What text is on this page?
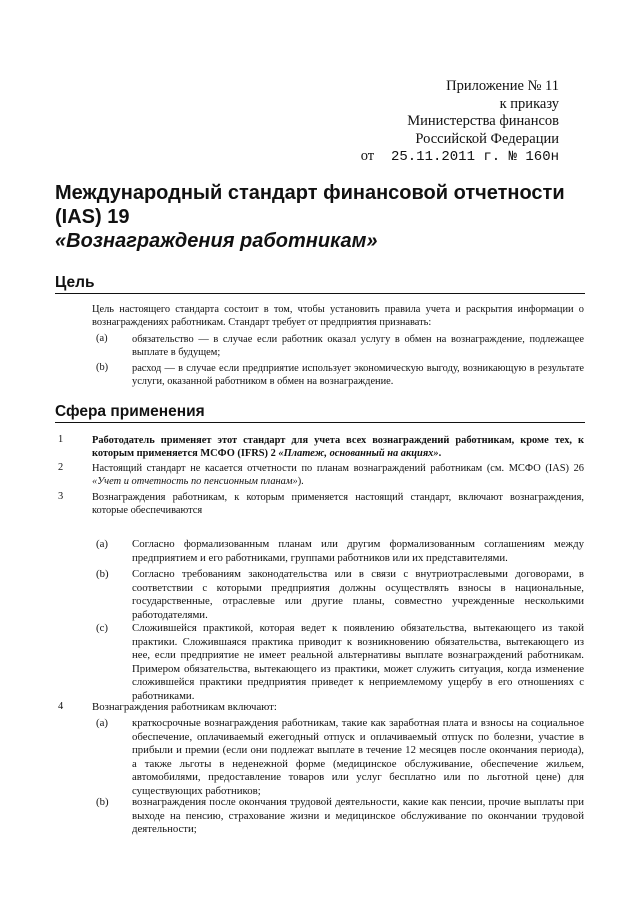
Приложение № 11
к приказу
Министерства финансов
Российской Федерации
от 25.11.2011 г. № 160н
Международный стандарт финансовой отчетности
(IAS) 19
«Вознаграждения работникам»
Цель
Цель настоящего стандарта состоит в том, чтобы установить правила учета и раскрытия информации о вознаграждениях работникам. Стандарт требует от предприятия признавать:
(a) обязательство — в случае если работник оказал услугу в обмен на вознаграждение, подлежащее выплате в будущем;
(b) расход — в случае если предприятие использует экономическую выгоду, возникающую в результате услуги, оказанной работником в обмен на вознаграждение.
Сфера применения
1	Работодатель применяет этот стандарт для учета всех вознаграждений работникам, кроме тех, к которым применяется МСФО (IFRS) 2 «Платеж, основанный на акциях».
2	Настоящий стандарт не касается отчетности по планам вознаграждений работникам (см. МСФО (IAS) 26 «Учет и отчетность по пенсионным планам»).
3	Вознаграждения работникам, к которым применяется настоящий стандарт, включают вознаграждения, которые обеспечиваются
(a) Согласно формализованным планам или другим формализованным соглашениям между предприятием и его работниками, группами работников или их представителями.
(b) Согласно требованиям законодательства или в связи с внутриотраслевыми договорами, в соответствии с которыми предприятия должны осуществлять взносы в национальные, государственные, отраслевые или другие планы, совместно учрежденные несколькими работодателями.
(c) Сложившейся практикой, которая ведет к появлению обязательства, вытекающего из такой практики. Сложившаяся практика приводит к возникновению обязательства, вытекающего из нее, если предприятие не имеет реальной альтернативы выплате вознаграждений работникам. Примером обязательства, вытекающего из практики, может служить ситуация, когда изменение сложившейся практики предприятия приведет к неприемлемому ущербу в его отношениях с работниками.
4	Вознаграждения работникам включают:
(a) краткосрочные вознаграждения работникам, такие как заработная плата и взносы на социальное обеспечение, оплачиваемый ежегодный отпуск и оплачиваемый отпуск по болезни, участие в прибыли и премии (если они подлежат выплате в течение 12 месяцев после окончания периода), а также льготы в неденежной форме (медицинское обслуживание, обеспечение жильем, автомобилями, предоставление товаров или услуг бесплатно или по льготной цене) для существующих работников;
(b) вознаграждения после окончания трудовой деятельности, какие как пенсии, прочие выплаты при выходе на пенсию, страхование жизни и медицинское обслуживание по окончании трудовой деятельности;
